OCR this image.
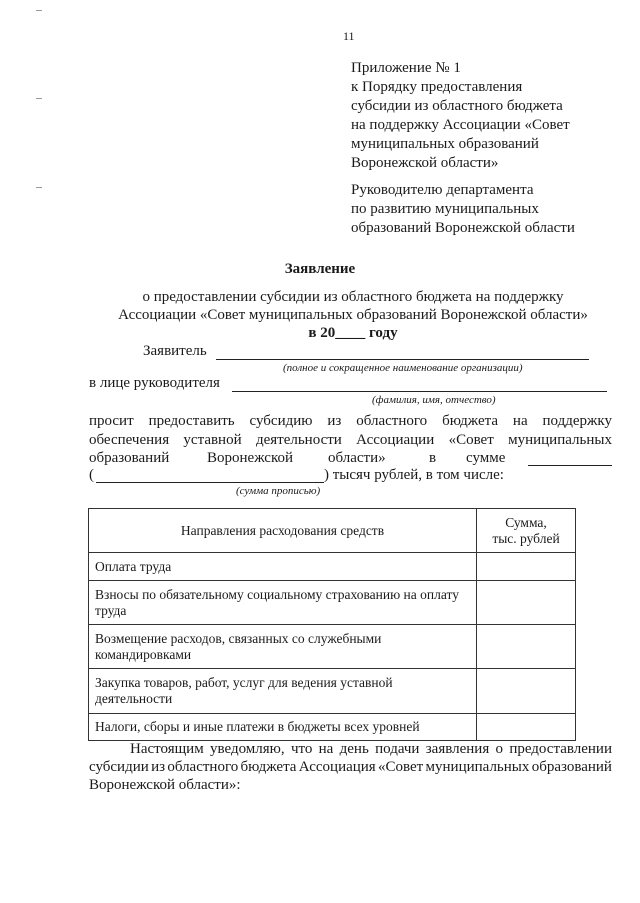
11
Приложение № 1
к Порядку предоставления
субсидии из областного бюджета
на поддержку Ассоциации «Совет
муниципальных образований
Воронежской области»
Руководителю департамента
по развитию муниципальных
образований Воронежской области
Заявление
о предоставлении субсидии из областного бюджета на поддержку
Ассоциации «Совет муниципальных образований Воронежской области»
в 20____ году
Заявитель
(полное и сокращенное наименование организации)
в лице руководителя
(фамилия, имя, отчество)
просит предоставить субсидию из областного бюджета на поддержку
обеспечения уставной деятельности Ассоциации «Совет муниципальных
образований	Воронежской области»	в сумме
(	) тысяч рублей, в том числе:
(сумма прописью)
Направления расходования средств	Сумма,
тыс. рублей

Оплата труда	
Взносы по обязательному социальному страхованию на оплату труда	
Возмещение расходов, связанных со служебными командировками	
Закупка товаров, работ, услуг для ведения уставной деятельности	
Налоги, сборы и иные платежи в бюджеты всех уровней	
Настоящим уведомляю, что на день подачи заявления о предоставлении
субсидии из областного бюджета Ассоциация «Совет муниципальных образований
Воронежской области»:
